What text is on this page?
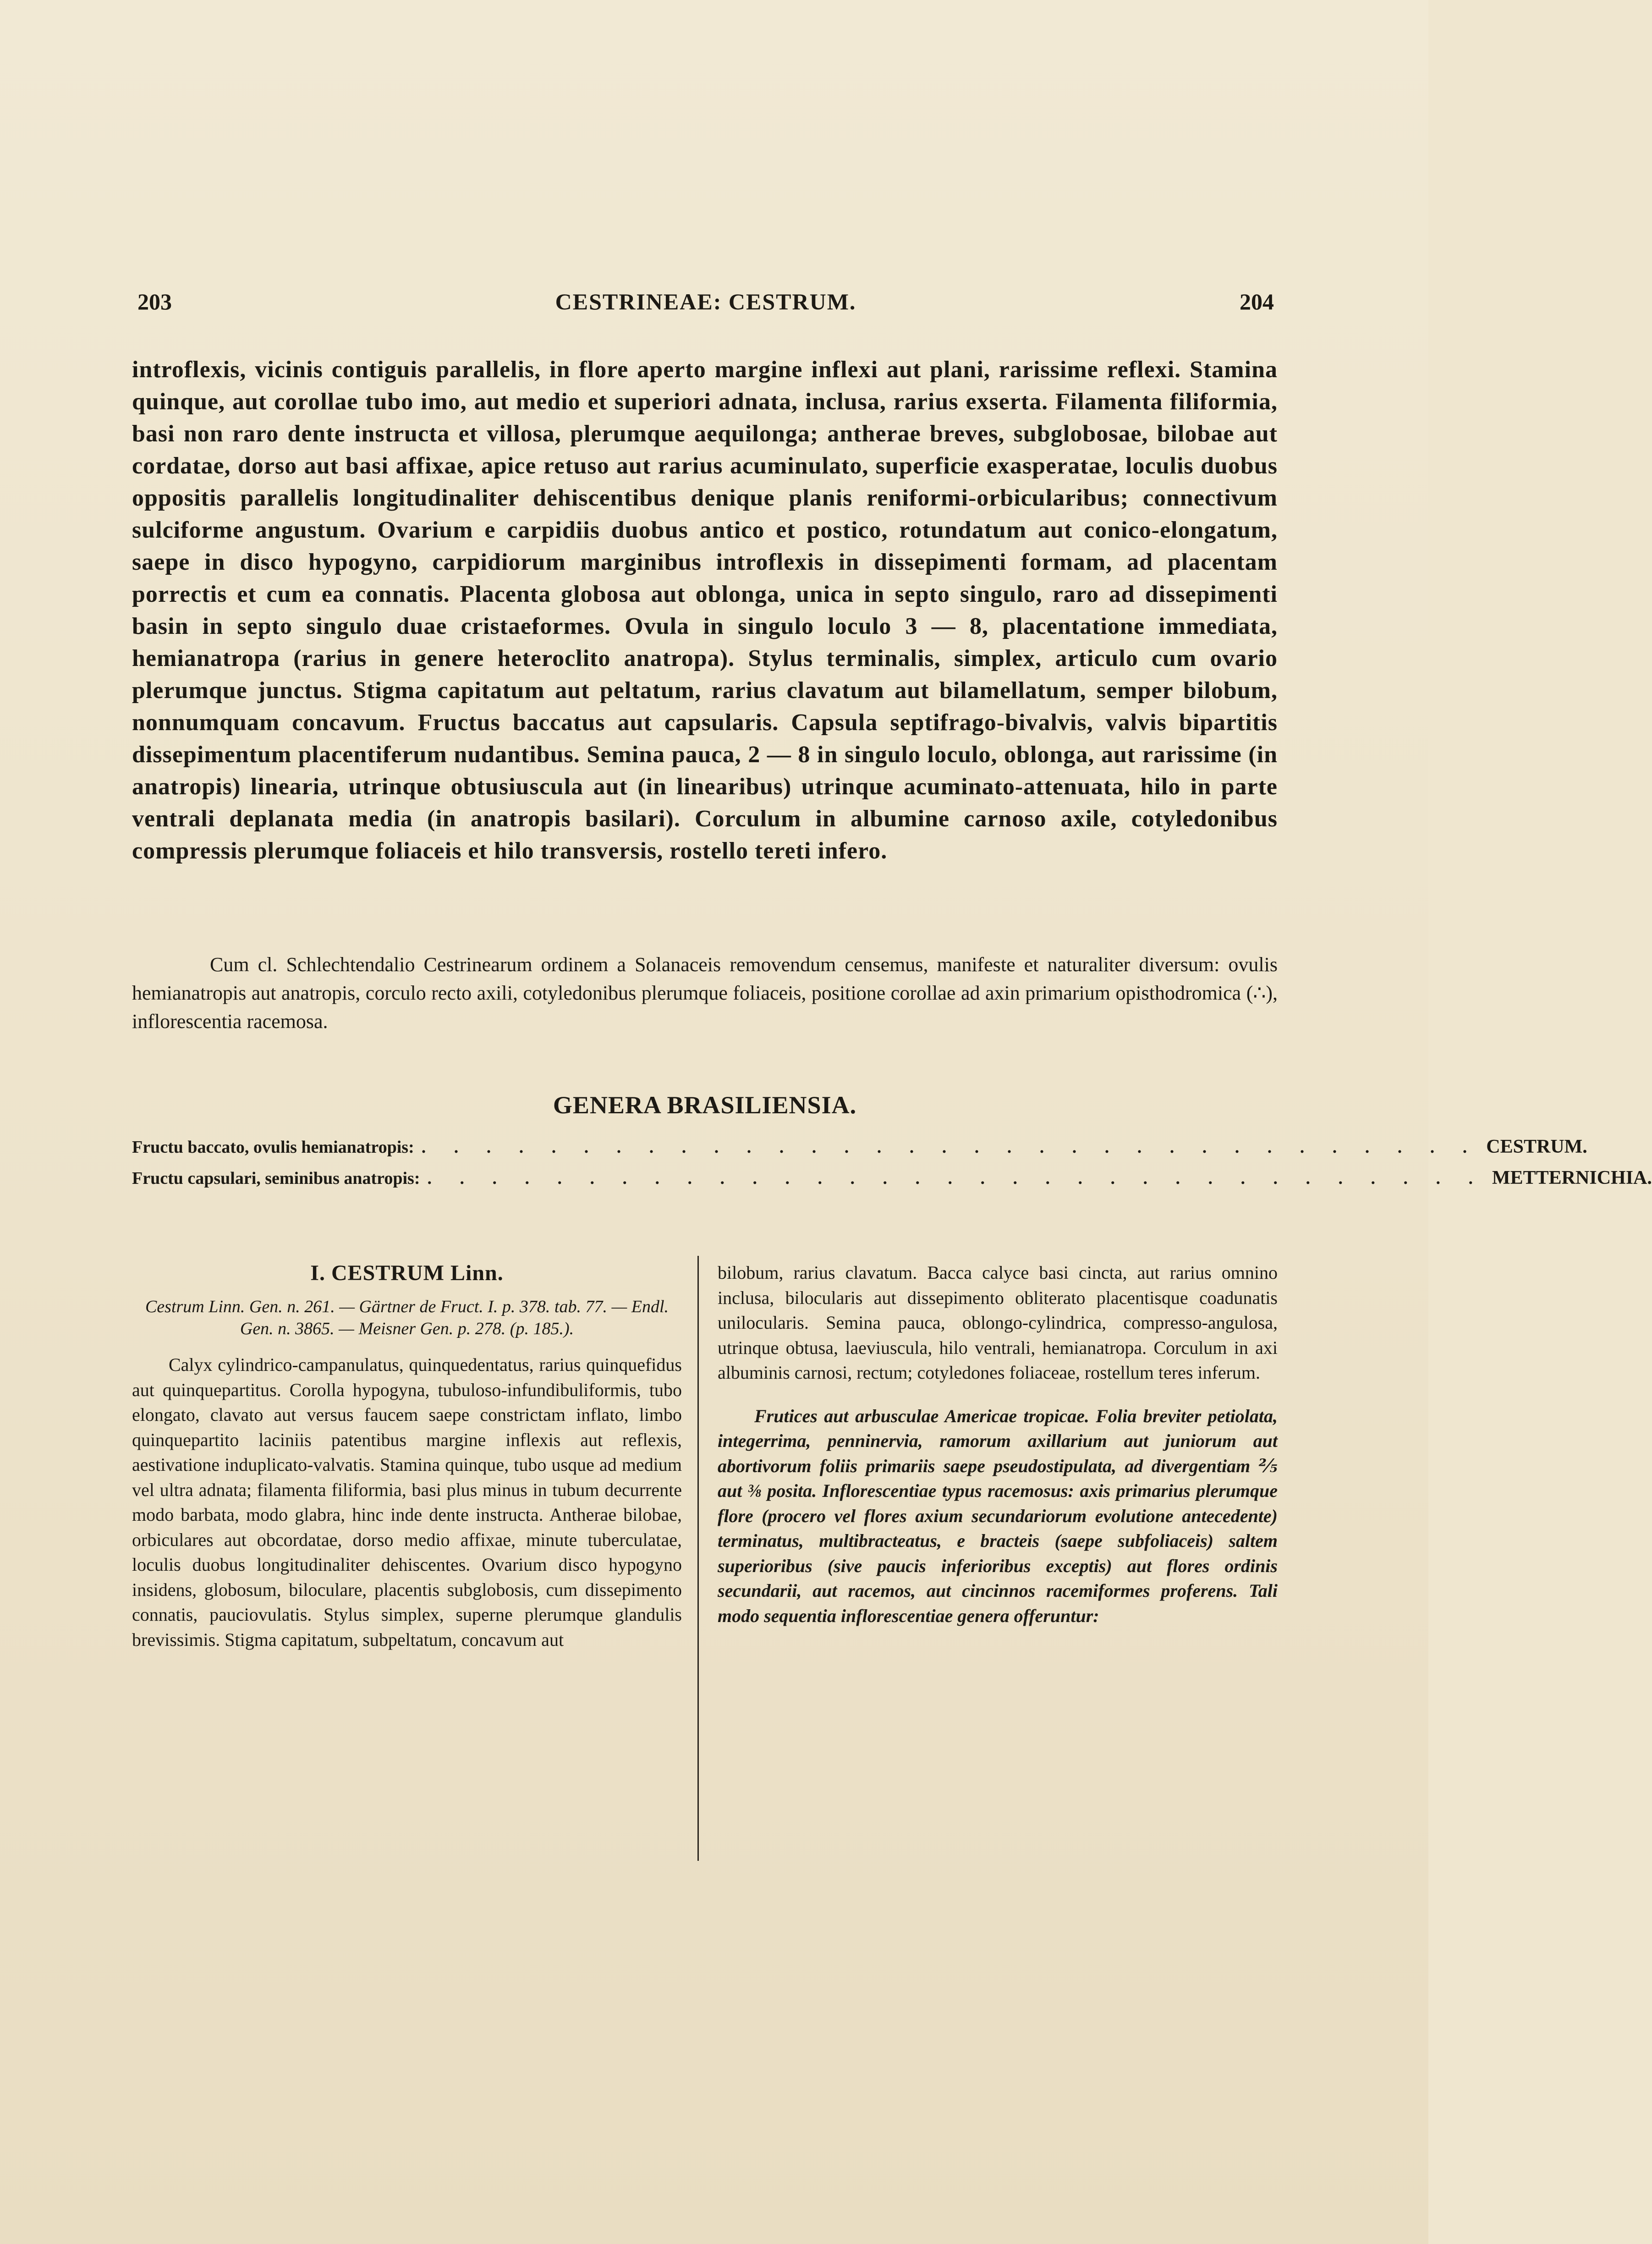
203	CESTRINEAE: CESTRUM.	204

introflexis, vicinis contiguis parallelis, in flore aperto margine inflexi aut plani, rarissime reflexi. Stamina quinque, aut corollae tubo imo, aut medio et superiori adnata, inclusa, rarius exserta. Filamenta filiformia, basi non raro dente instructa et villosa, plerumque aequilonga; antherae breves, subglobosae, bilobae aut cordatae, dorso aut basi affixae, apice retuso aut rarius acuminulato, superficie exasperatae, loculis duobus oppositis parallelis longitudinaliter dehiscentibus denique planis reniformi-orbicularibus; connectivum sulciforme angustum. Ovarium e carpidiis duobus antico et postico, rotundatum aut conico-elongatum, saepe in disco hypogyno, carpidiorum marginibus introflexis in dissepimenti formam, ad placentam porrectis et cum ea connatis. Placenta globosa aut oblonga, unica in septo singulo, raro ad dissepimenti basin in septo singulo duae cristaeformes. Ovula in singulo loculo 3 — 8, placentatione immediata, hemianatropa (rarius in genere heteroclito anatropa). Stylus terminalis, simplex, articulo cum ovario plerumque junctus. Stigma capitatum aut peltatum, rarius clavatum aut bilamellatum, semper bilobum, nonnumquam concavum. Fructus baccatus aut capsularis. Capsula septifrago-bivalvis, valvis bipartitis dissepimentum placentiferum nudantibus. Semina pauca, 2 — 8 in singulo loculo, oblonga, aut rarissime (in anatropis) linearia, utrinque obtusiuscula aut (in linearibus) utrinque acuminato-attenuata, hilo in parte ventrali deplanata media (in anatropis basilari). Corculum in albumine carnoso axile, cotyledonibus compressis plerumque foliaceis et hilo transversis, rostello tereti infero.

Cum cl. Schlechtendalio Cestrinearum ordinem a Solanaceis removendum censemus, manifeste et naturaliter diversum: ovulis hemianatropis aut anatropis, corculo recto axili, cotyledonibus plerumque foliaceis, positione corollae ad axin primarium opisthodromica (∴), inflorescentia racemosa.

GENERA BRASILIENSIA.
Fructu baccato, ovulis hemianatropis: . . . . . . . . . . . . . . . . . . . . . . . . . . . . . . . . . CESTRUM.
Fructu capsulari, seminibus anatropis: . . . . . . . . . . . . . . . . . . . . . . . . . . . . . . . . . METTERNICHIA.
I. CESTRUM Linn.
Cestrum Linn. Gen. n. 261. — Gärtner de Fruct. I. p. 378. tab. 77. — Endl. Gen. n. 3865. — Meisner Gen. p. 278. (p. 185.).

Calyx cylindrico-campanulatus, quinquedentatus, rarius quinquefidus aut quinquepartitus. Corolla hypogyna, tubuloso-infundibuliformis, tubo elongato, clavato aut versus faucem saepe constrictam inflato, limbo quinquepartito laciniis patentibus margine inflexis aut reflexis, aestivatione induplicato-valvatis. Stamina quinque, tubo usque ad medium vel ultra adnata; filamenta filiformia, basi plus minus in tubum decurrente modo barbata, modo glabra, hinc inde dente instructa. Antherae bilobae, orbiculares aut obcordatae, dorso medio affixae, minute tuberculatae, loculis duobus longitudinaliter dehiscentes. Ovarium disco hypogyno insidens, globosum, biloculare, placentis subglobosis, cum dissepimento connatis, pauciovulatis. Stylus simplex, superne plerumque glandulis brevissimis. Stigma capitatum, subpeltatum, concavum aut

bilobum, rarius clavatum. Bacca calyce basi cincta, aut rarius omnino inclusa, bilocularis aut dissepimento obliterato placentisque coadunatis unilocularis. Semina pauca, oblongo-cylindrica, compresso-angulosa, utrinque obtusa, laeviuscula, hilo ventrali, hemianatropa. Corculum in axi albuminis carnosi, rectum; cotyledones foliaceae, rostellum teres inferum.

Frutices aut arbusculae Americae tropicae. Folia breviter petiolata, integerrima, penninervia, ramorum axillarium aut juniorum aut abortivorum foliis primariis saepe pseudostipulata, ad divergentiam ⅖ aut ⅜ posita. Inflorescentiae typus racemosus: axis primarius plerumque flore (procero vel flores axium secundariorum evolutione antecedente) terminatus, multibracteatus, e bracteis (saepe subfoliaceis) saltem superioribus (sive paucis inferioribus exceptis) aut flores ordinis secundarii, aut racemos, aut cincinnos racemiformes proferens. Tali modo sequentia inflorescentiae genera offeruntur:
